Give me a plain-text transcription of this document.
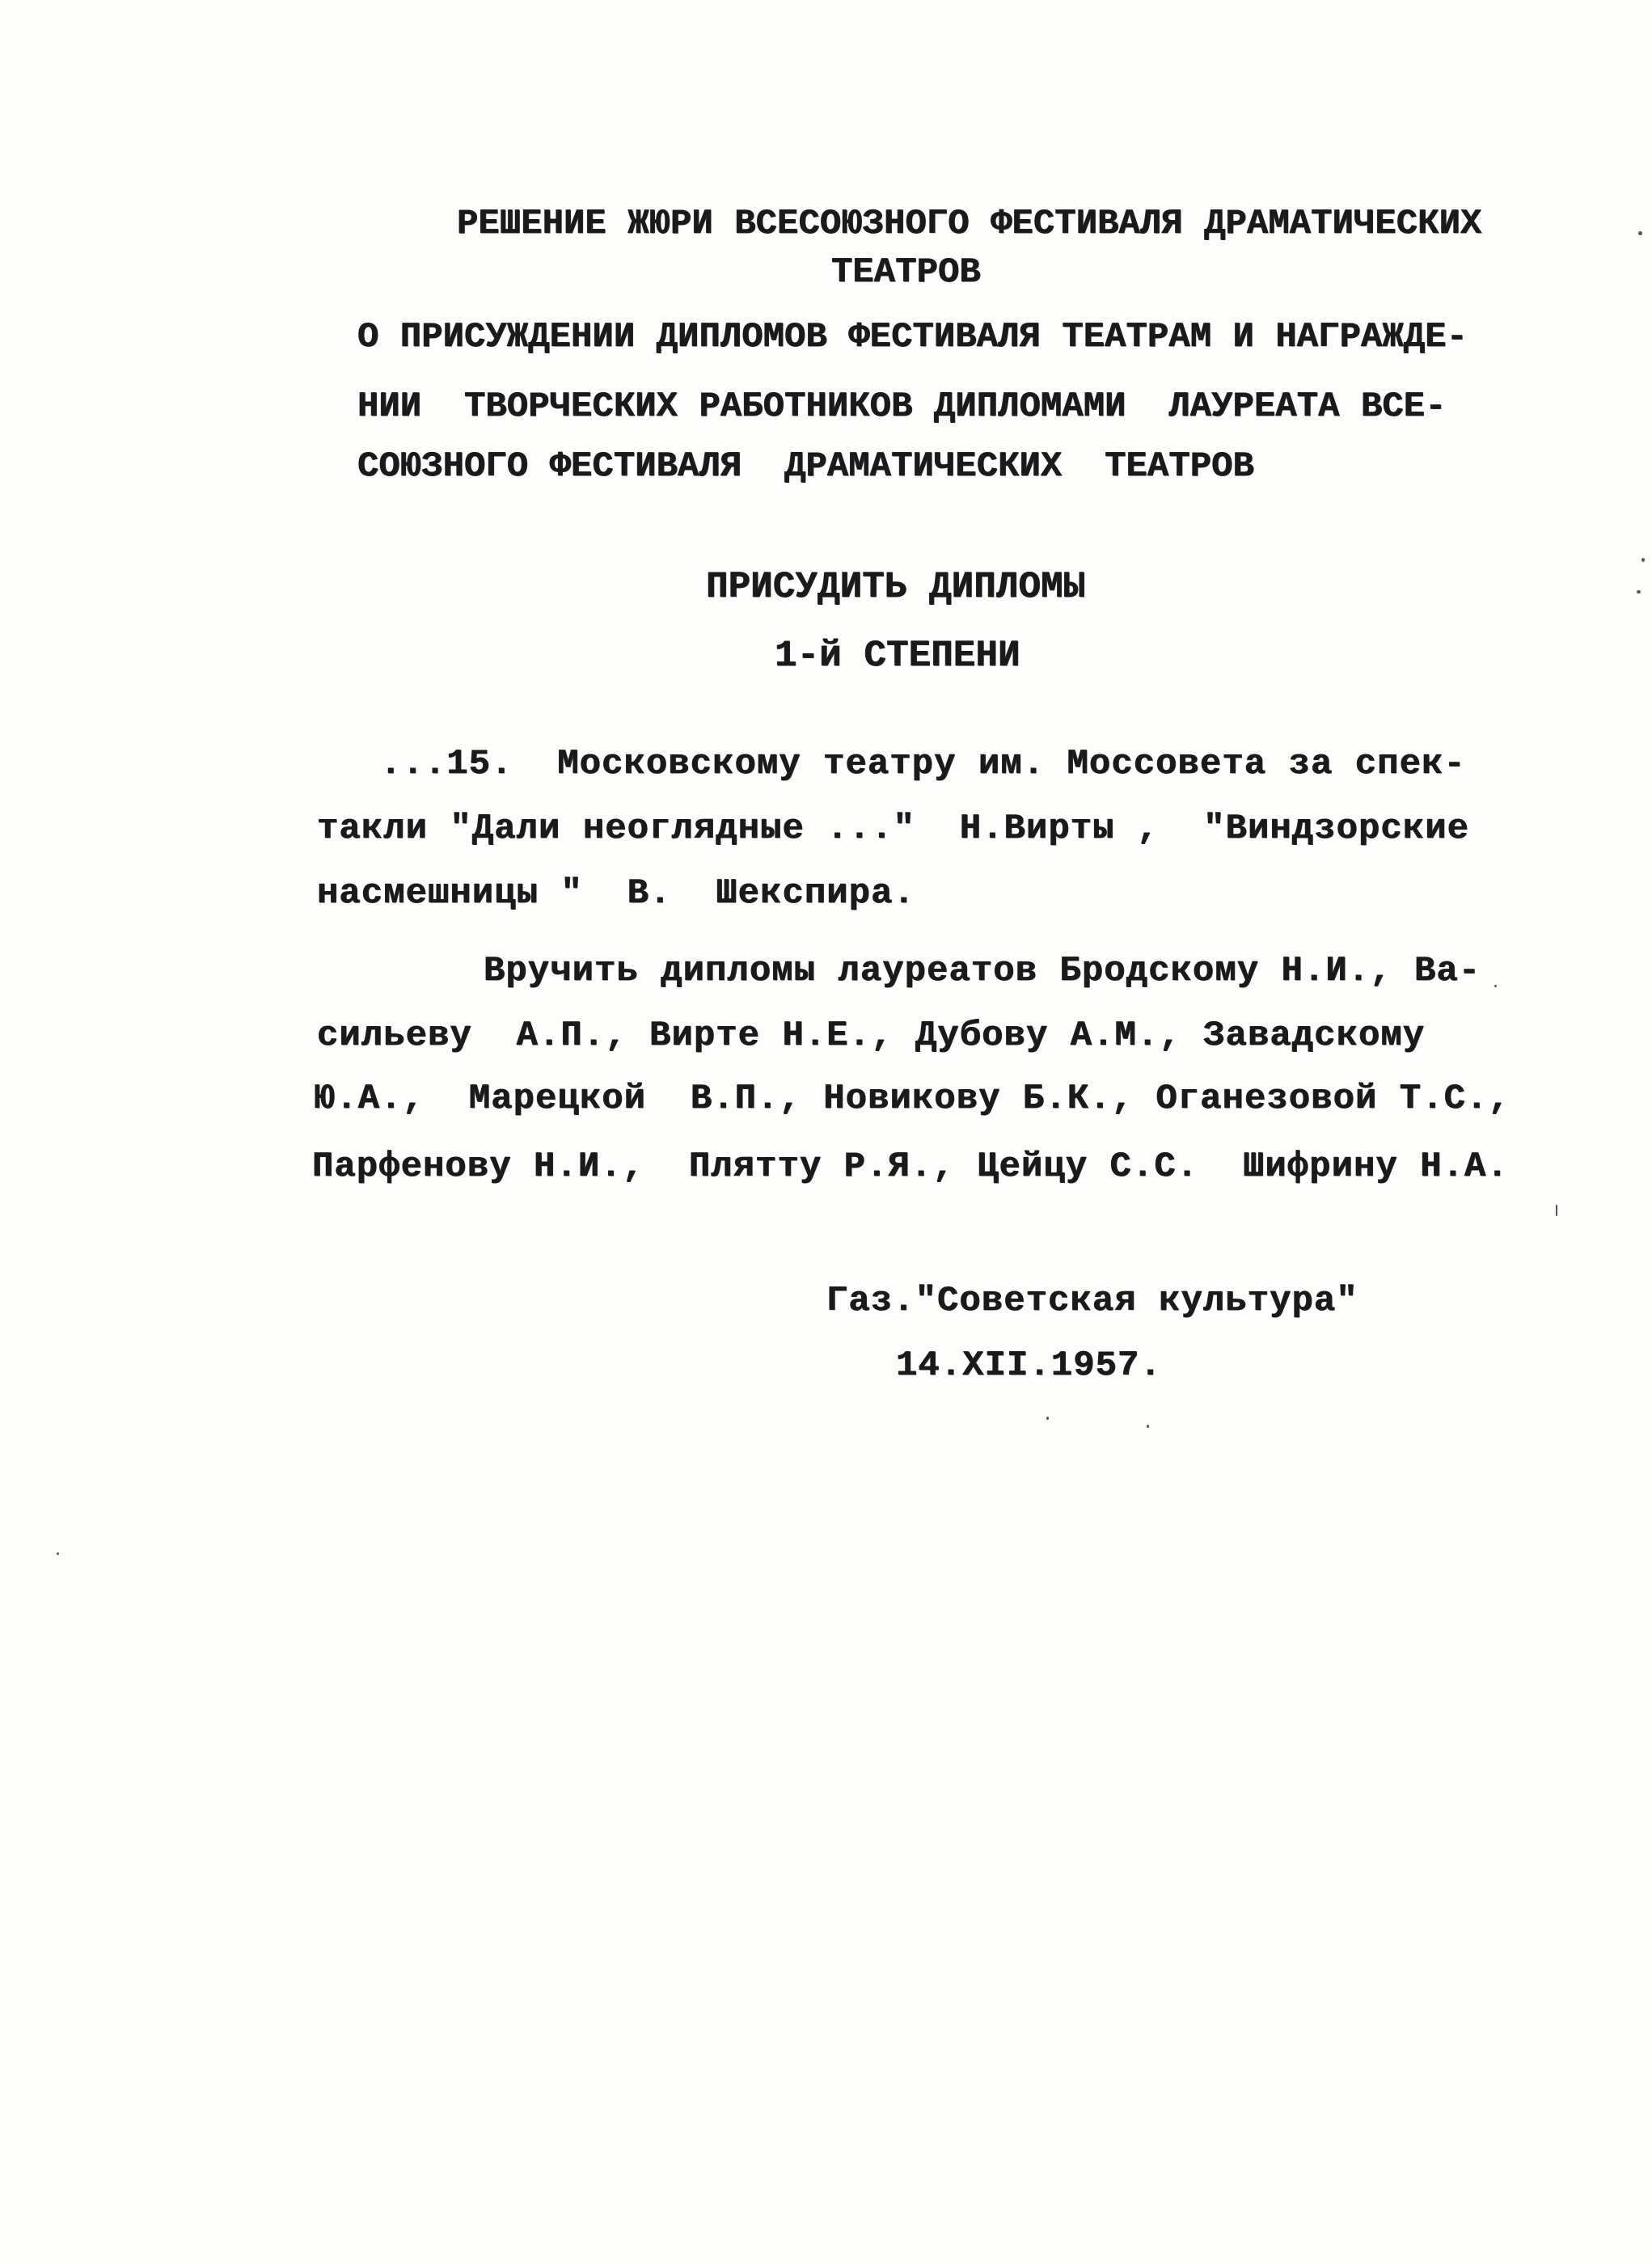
РЕШЕНИЕ ЖЮРИ ВСЕСОЮЗНОГО ФЕСТИВАЛЯ ДРАМАТИЧЕСКИХ
ТЕАТРОВ
О ПРИСУЖДЕНИИ ДИПЛОМОВ ФЕСТИВАЛЯ ТЕАТРАМ И НАГРАЖДЕ-
НИИ  ТВОРЧЕСКИХ РАБОТНИКОВ ДИПЛОМАМИ  ЛАУРЕАТА ВСЕ-
СОЮЗНОГО ФЕСТИВАЛЯ  ДРАМАТИЧЕСКИХ  ТЕАТРОВ
ПРИСУДИТЬ ДИПЛОМЫ
1-й СТЕПЕНИ
...15.  Московскому театру им. Моссовета за спек-
такли "Дали неоглядные ..."  Н.Вирты ,  "Виндзорские
насмешницы "  В.  Шекспира.
Вручить дипломы лауреатов Бродскому Н.И., Ва-
сильеву  А.П., Вирте Н.Е., Дубову А.М., Завадскому
Ю.А.,  Марецкой  В.П., Новикову Б.К., Оганезовой Т.С.,
Парфенову Н.И.,  Плятту Р.Я., Цейцу С.С.  Шифрину Н.А.
Газ."Советская культура"
14.XII.1957.
